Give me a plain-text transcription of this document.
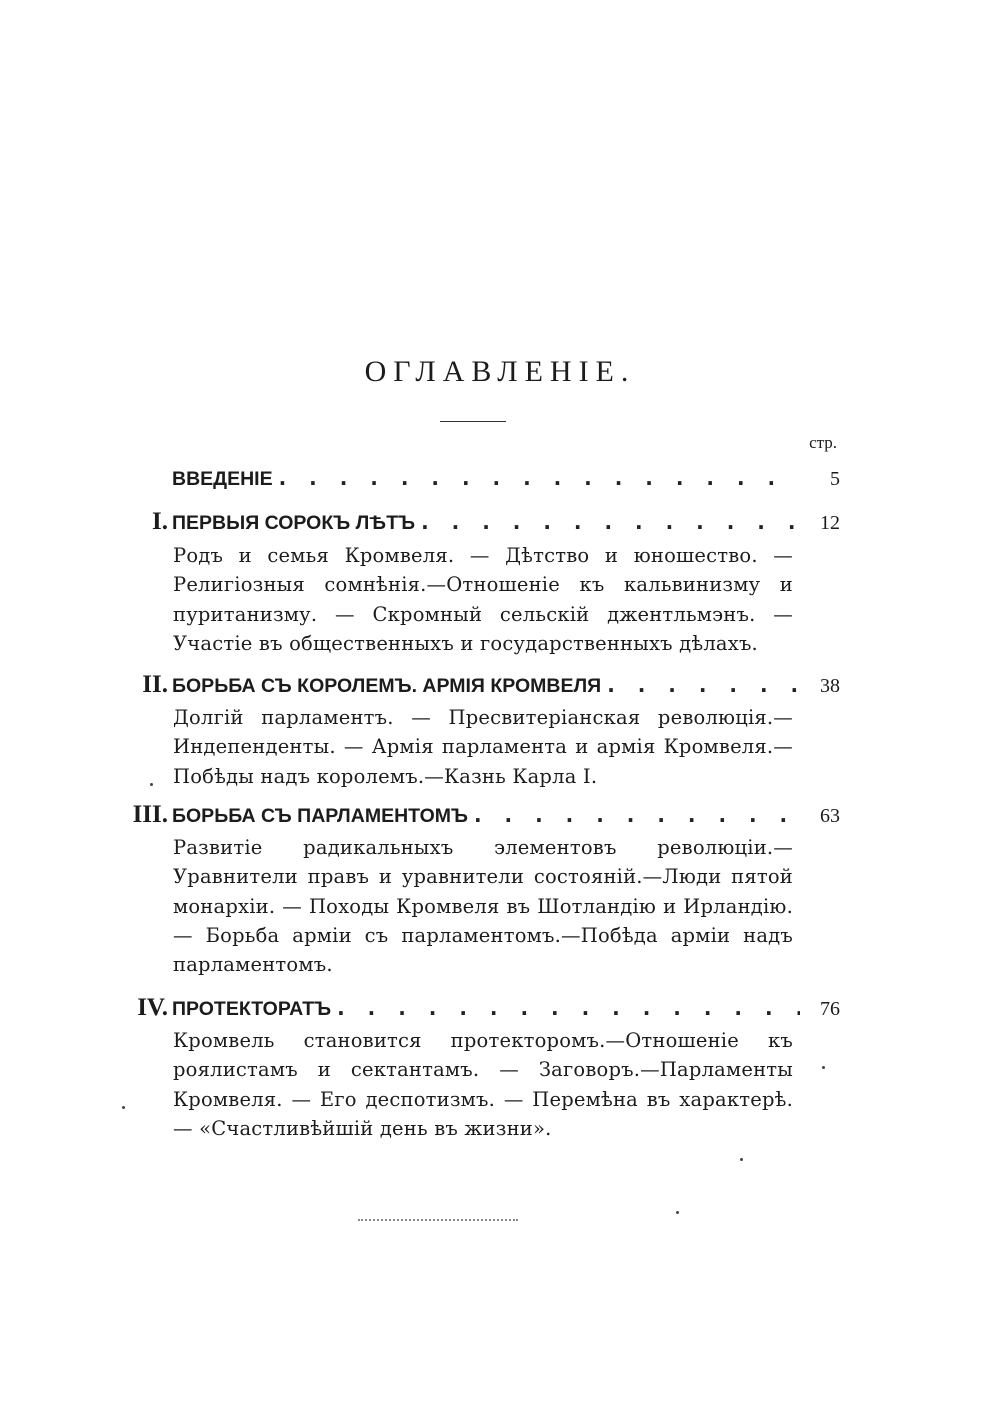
ОГЛАВЛЕНIЕ.
стр.
ВВЕДЕНIЕ . . .	5
I. ПЕРВЫЯ СОРОКЪ ЛѢТЪ . . .	12

Родъ и семья Кромвеля. — Дѣтство и юношество. — Религiозныя сомнѣнiя.—Отношенiе къ кальвинизму и пуританизму. — Скромный сельскiй джентльмэнъ. — Участiе въ общественныхъ и государственныхъ дѣлахъ.

II. БОРЬБА СЪ КОРОЛЕМЪ. АРМIЯ КРОМВЕЛЯ . . .	38

Долгiй парламентъ. — Пресвитерiанская революцiя.—Индепенденты. — Армiя парламента и армiя Кромвеля.—Побѣды надъ королемъ.—Казнь Карла I.

III. БОРЬБА СЪ ПАРЛАМЕНТОМЪ . . .	63

Развитiе радикальныхъ элементовъ революцiи.—Уравнители правъ и уравнители состоянiй.—Люди пятой монархiи. — Походы Кромвеля въ Шотландiю и Ирландiю. — Борьба армiи съ парламентомъ.—Побѣда армiи надъ парламентомъ.

IV. ПРОТЕКТОРАТЪ . . .	76

Кромвель становится протекторомъ.—Отношенiе къ роялистамъ и сектантамъ. — Заговоръ.—Парламенты Кромвеля. — Его деспотизмъ. — Перемѣна въ характерѣ. — «Счастливѣйшiй день въ жизни».
